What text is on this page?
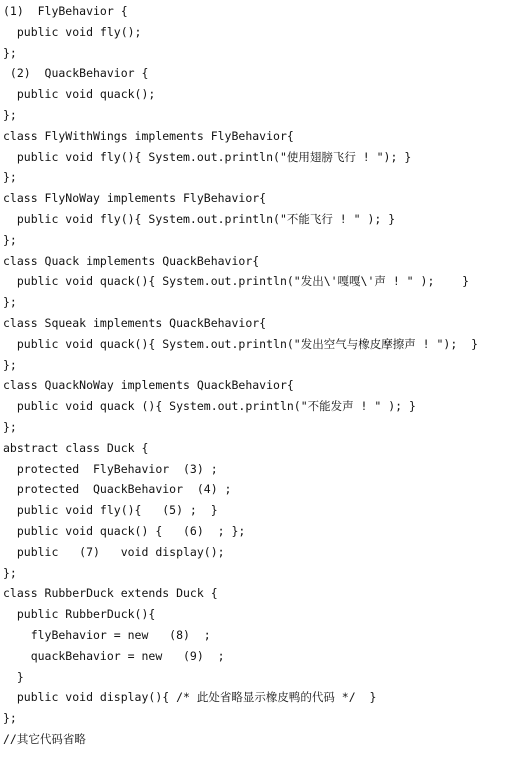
(1)  FlyBehavior {
public void fly();
};
(2)  QuackBehavior {
public void quack();
};
class FlyWithWings implements FlyBehavior{
public void fly(){ System.out.println("使用翅膀飞行 ! "); }
};
class FlyNoWay implements FlyBehavior{
public void fly(){ System.out.println("不能飞行 ! " ); }
};
class Quack implements QuackBehavior{
public void quack(){ System.out.println("发出\'嘎嘎\'声 ! " );    }
};
class Squeak implements QuackBehavior{
public void quack(){ System.out.println("发出空气与橡皮摩擦声 ! ");  }
};
class QuackNoWay implements QuackBehavior{
public void quack (){ System.out.println("不能发声 ! " ); }
};
abstract class Duck {
protected  FlyBehavior  (3) ;
protected  QuackBehavior  (4) ;
public void fly(){   (5) ;  }
public void quack() {   (6)  ; };
public   (7)   void display();
};
class RubberDuck extends Duck {
public RubberDuck(){
flyBehavior = new   (8)  ;
quackBehavior = new   (9)  ;
}
public void display(){ /* 此处省略显示橡皮鸭的代码 */  }
};
//其它代码省略
